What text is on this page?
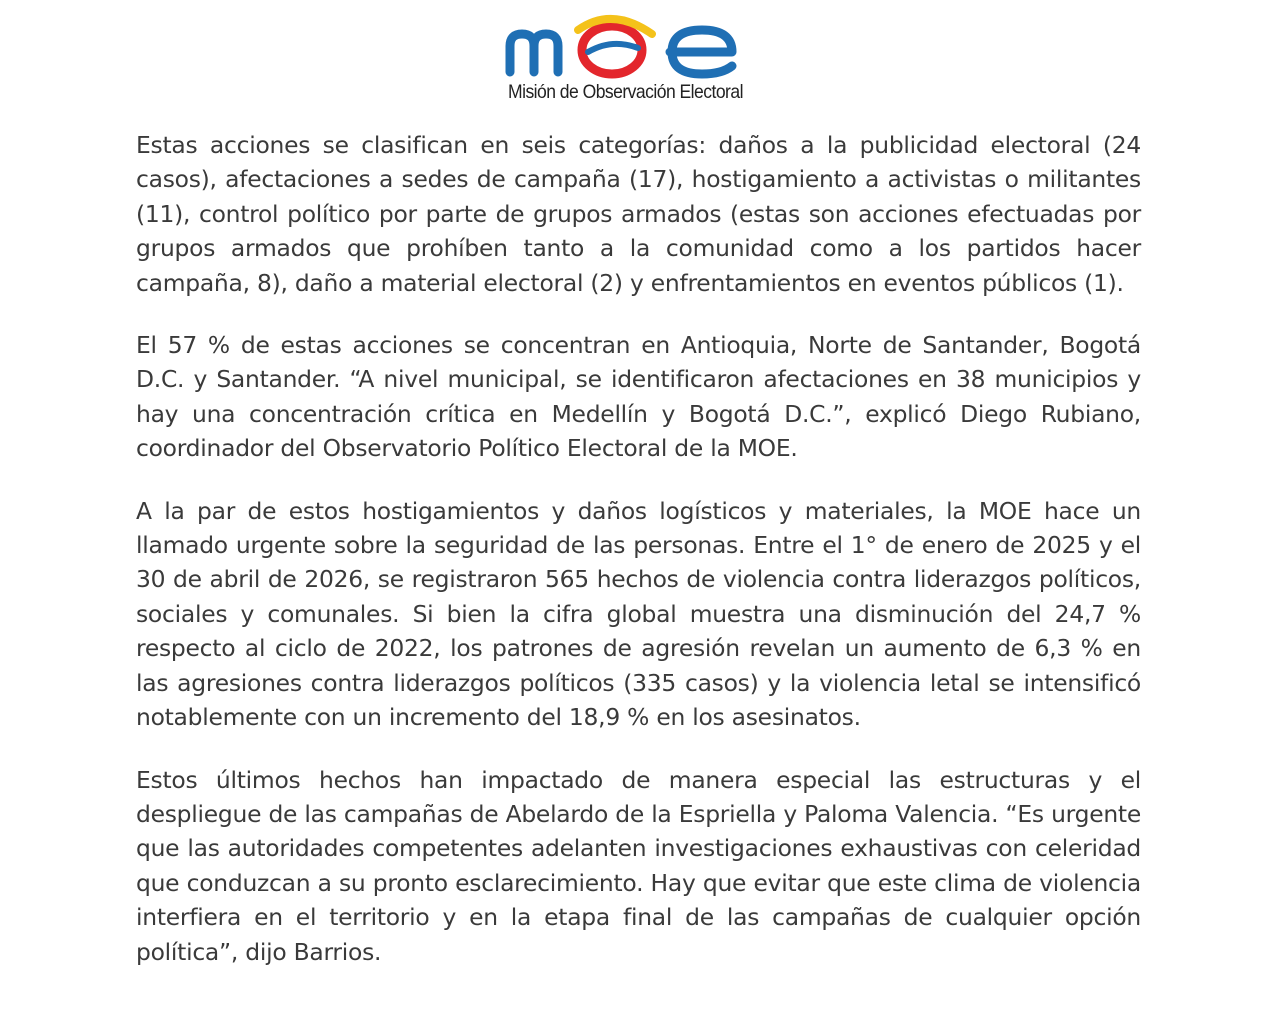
Misión de Observación Electoral

Estas acciones se clasifican en seis categorías: daños a la publicidad electoral (24 casos), afectaciones a sedes de campaña (17), hostigamiento a activistas o militantes (11), control político por parte de grupos armados (estas son acciones efectuadas por grupos armados que prohíben tanto a la comunidad como a los partidos hacer campaña, 8), daño a material electoral (2) y enfrentamientos en eventos públicos (1).

El 57 % de estas acciones se concentran en Antioquia, Norte de Santander, Bogotá D.C. y Santander. “A nivel municipal, se identificaron afectaciones en 38 municipios y hay una concentración crítica en Medellín y Bogotá D.C.”, explicó Diego Rubiano, coordinador del Observatorio Político Electoral de la MOE.

A la par de estos hostigamientos y daños logísticos y materiales, la MOE hace un llamado urgente sobre la seguridad de las personas. Entre el 1° de enero de 2025 y el 30 de abril de 2026, se registraron 565 hechos de violencia contra liderazgos políticos, sociales y comunales. Si bien la cifra global muestra una disminución del 24,7 % respecto al ciclo de 2022, los patrones de agresión revelan un aumento de 6,3 % en las agresiones contra liderazgos políticos (335 casos) y la violencia letal se intensificó notablemente con un incremento del 18,9 % en los asesinatos.

Estos últimos hechos han impactado de manera especial las estructuras y el despliegue de las campañas de Abelardo de la Espriella y Paloma Valencia. “Es urgente que las autoridades competentes adelanten investigaciones exhaustivas con celeridad que conduzcan a su pronto esclarecimiento. Hay que evitar que este clima de violencia interfiera en el territorio y en la etapa final de las campañas de cualquier opción política”, dijo Barrios.
